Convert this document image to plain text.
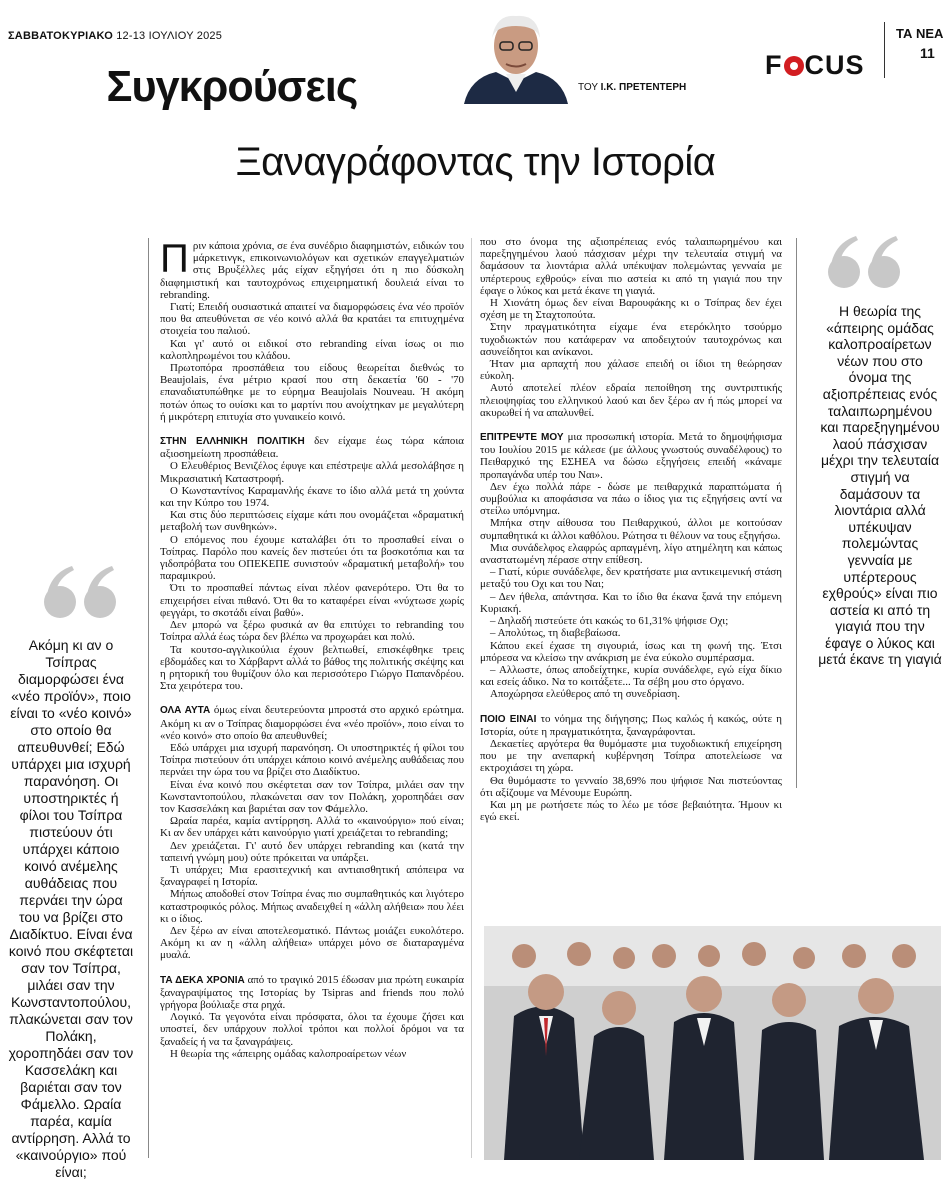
ΣΑΒΒΑΤΟΚΥΡΙΑΚΟ 12-13 ΙΟΥΛΙΟΥ 2025
Συγκρούσεις	ΤΟΥ Ι.Κ. ΠΡΕΤΕΝΤΕΡΗ
F CUS
ΤΑ ΝΕΑ
11
Ξαναγράφοντας την Ιστορία
Ακόμη κι αν ο Τσίπρας διαμορφώσει ένα «νέο προϊόν», ποιο είναι το «νέο κοινό» στο οποίο θα απευθυνθεί; Εδώ υπάρχει μια ισχυρή παρανόηση. Οι υποστηρικτές ή φίλοι του Τσίπρα πιστεύουν ότι υπάρχει κάποιο κοινό ανέμελης αυθάδειας που περνάει την ώρα του να βρίζει στο Διαδίκτυο. Είναι ένα κοινό που σκέφτεται σαν τον Τσίπρα, μιλάει σαν την Κωνσταντοπούλου, πλακώνεται σαν τον Πολάκη, χοροπηδάει σαν τον Κασσελάκη και βαριέται σαν τον Φάμελλο. Ωραία παρέα, καμία αντίρρηση. Αλλά το «καινούργιο» πού είναι;
Η θεωρία της «άπειρης ομάδας καλοπροαίρετων νέων που στο όνομα της αξιοπρέπειας ενός ταλαιπωρημένου και παρεξηγημένου λαού πάσχισαν μέχρι την τελευταία στιγμή να δαμάσουν τα λιοντάρια αλλά υπέκυψαν πολεμώντας γενναία με υπέρτερους εχθρούς» είναι πιο αστεία κι από τη γιαγιά που την έφαγε ο λύκος και μετά έκανε τη γιαγιά

Πριν κάποια χρόνια, σε ένα συνέδριο διαφημιστών, ειδικών του μάρκετινγκ, επικοινωνιολόγων και σχετικών επαγγελματιών στις Βρυξέλλες μάς είχαν εξηγήσει ότι η πιο δύσκολη διαφημιστική και ταυτοχρόνως επιχειρηματική δουλειά είναι το rebranding.

Γιατί; Επειδή ουσιαστικά απαιτεί να διαμορφώσεις ένα νέο προϊόν που θα απευθύνεται σε νέο κοινό αλλά θα κρατάει τα επιτυχημένα στοιχεία του παλιού.

Και γι' αυτό οι ειδικοί στο rebranding είναι ίσως οι πιο καλοπληρωμένοι του κλάδου.

Πρωτοπόρα προσπάθεια του είδους θεωρείται διεθνώς το Beaujolais, ένα μέτριο κρασί που στη δεκαετία '60 - '70 επαναδιατυπώθηκε με το εύρημα Beaujolais Nouveau. Ή ακόμη ποτών όπως το ουίσκι και το μαρτίνι που ανοίχτηκαν με μεγαλύτερη ή μικρότερη επιτυχία στο γυναικείο κοινό.

ΣΤΗΝ ΕΛΛΗΝΙΚΗ ΠΟΛΙΤΙΚΗ δεν είχαμε έως τώρα κάποια αξιοσημείωτη προσπάθεια.

Ο Ελευθέριος Βενιζέλος έφυγε και επέστρεψε αλλά μεσολάβησε η Μικρασιατική Καταστροφή.

Ο Κωνσταντίνος Καραμανλής έκανε το ίδιο αλλά μετά τη χούντα και την Κύπρο του 1974.

Και στις δύο περιπτώσεις είχαμε κάτι που ονομάζεται «δραματική μεταβολή των συνθηκών».

Ο επόμενος που έχουμε καταλάβει ότι το προσπαθεί είναι ο Τσίπρας. Παρόλο που κανείς δεν πιστεύει ότι τα βοσκοτόπια και τα γιδοπρόβατα του ΟΠΕΚΕΠΕ συνιστούν «δραματική μεταβολή» του παραμικρού.

Ότι το προσπαθεί πάντως είναι πλέον φανερότερο. Ότι θα το επιχειρήσει είναι πιθανό. Ότι θα το καταφέρει είναι «νύχτωσε χωρίς φεγγάρι, το σκοτάδι είναι βαθύ».

Δεν μπορώ να ξέρω φυσικά αν θα επιτύχει το rebranding του Τσίπρα αλλά έως τώρα δεν βλέπω να προχωράει και πολύ.

Τα κουτσο-αγγλικούλια έχουν βελτιωθεί, επισκέφθηκε τρεις εβδομάδες και το Χάρβαρντ αλλά το βάθος της πολιτικής σκέψης και η ρητορική του θυμίζουν όλο και περισσότερο Γιώργο Παπανδρέου. Στα χειρότερα του.

ΟΛΑ ΑΥΤΑ όμως είναι δευτερεύοντα μπροστά στο αρχικό ερώτημα. Ακόμη κι αν ο Τσίπρας διαμορφώσει ένα «νέο προϊόν», ποιο είναι το «νέο κοινό» στο οποίο θα απευθυνθεί;

Εδώ υπάρχει μια ισχυρή παρανόηση. Οι υποστηρικτές ή φίλοι του Τσίπρα πιστεύουν ότι υπάρχει κάποιο κοινό ανέμελης αυθάδειας που περνάει την ώρα του να βρίζει στο Διαδίκτυο.

Είναι ένα κοινό που σκέφτεται σαν τον Τσίπρα, μιλάει σαν την Κωνσταντοπούλου, πλακώνεται σαν τον Πολάκη, χοροπηδάει σαν τον Κασσελάκη και βαριέται σαν τον Φάμελλο.

Ωραία παρέα, καμία αντίρρηση. Αλλά το «καινούργιο» πού είναι; Κι αν δεν υπάρχει κάτι καινούργιο γιατί χρειάζεται το rebranding;

Δεν χρειάζεται. Γι' αυτό δεν υπάρχει rebranding και (κατά την ταπεινή γνώμη μου) ούτε πρόκειται να υπάρξει.

Τι υπάρχει; Μια ερασιτεχνική και αντιαισθητική απόπειρα να ξαναγραφεί η Ιστορία.

Μήπως αποδοθεί στον Τσίπρα ένας πιο συμπαθητικός και λιγότερο καταστροφικός ρόλος. Μήπως αναδειχθεί η «άλλη αλήθεια» που λέει κι ο ίδιος.

Δεν ξέρω αν είναι αποτελεσματικό. Πάντως μοιάζει ευκολότερο. Ακόμη κι αν η «άλλη αλήθεια» υπάρχει μόνο σε διαταραγμένα μυαλά.

ΤΑ ΔΕΚΑ ΧΡΟΝΙΑ από το τραγικό 2015 έδωσαν μια πρώτη ευκαιρία ξαναγραψίματος της Ιστορίας by Tsipras and friends που πολύ γρήγορα βούλιαξε στα ρηχά.

Λογικό. Τα γεγονότα είναι πρόσφατα, όλοι τα έχουμε ζήσει και υποστεί, δεν υπάρχουν πολλοί τρόποι και πολλοί δρόμοι να τα ξαναδείς ή να τα ξαναγράψεις.

Η θεωρία της «άπειρης ομάδας καλοπροαίρετων νέων

που στο όνομα της αξιοπρέπειας ενός ταλαιπωρημένου και παρεξηγημένου λαού πάσχισαν μέχρι την τελευταία στιγμή να δαμάσουν τα λιοντάρια αλλά υπέκυψαν πολεμώντας γενναία με υπέρτερους εχθρούς» είναι πιο αστεία κι από τη γιαγιά που την έφαγε ο λύκος και μετά έκανε τη γιαγιά.

Η Χιονάτη όμως δεν είναι Βαρουφάκης κι ο Τσίπρας δεν έχει σχέση με τη Σταχτοπούτα.

Στην πραγματικότητα είχαμε ένα ετερόκλητο τσούρμο τυχοδιωκτών που κατάφεραν να αποδειχτούν ταυτοχρόνως και ασυνείδητοι και ανίκανοι.

Ήταν μια αρπαχτή που χάλασε επειδή οι ίδιοι τη θεώρησαν εύκολη.

Αυτό αποτελεί πλέον εδραία πεποίθηση της συντριπτικής πλειοψηφίας του ελληνικού λαού και δεν ξέρω αν ή πώς μπορεί να ακυρωθεί ή να απαλυνθεί.

ΕΠΙΤΡΕΨΤΕ ΜΟΥ μια προσωπική ιστορία. Μετά το δημοψήφισμα του Ιουλίου 2015 με κάλεσε (με άλλους γνωστούς συναδέλφους) το Πειθαρχικό της ΕΣΗΕΑ να δώσω εξηγήσεις επειδή «κάναμε προπαγάνδα υπέρ του Ναι».

Δεν έχω πολλά πάρε - δώσε με πειθαρχικά παραπτώματα ή συμβούλια κι αποφάσισα να πάω ο ίδιος για τις εξηγήσεις αντί να στείλω υπόμνημα.

Μπήκα στην αίθουσα του Πειθαρχικού, άλλοι με κοιτούσαν συμπαθητικά κι άλλοι καθόλου. Ρώτησα τι θέλουν να τους εξηγήσω.

Μια συνάδελφος ελαφρώς αρπαγμένη, λίγο ατημέλητη και κάπως αναστατωμένη πέρασε στην επίθεση.

– Γιατί, κύριε συνάδελφε, δεν κρατήσατε μια αντικειμενική στάση μεταξύ του Οχι και του Ναι;

– Δεν ήθελα, απάντησα. Και το ίδιο θα έκανα ξανά την επόμενη Κυριακή.

– Δηλαδή πιστεύετε ότι κακώς το 61,31% ψήφισε Οχι;

– Απολύτως, τη διαβεβαίωσα.

Κάπου εκεί έχασε τη σιγουριά, ίσως και τη φωνή της. Έτσι μπόρεσα να κλείσω την ανάκριση με ένα εύκολο συμπέρασμα.

– Αλλωστε, όπως αποδείχτηκε, κυρία συνάδελφε, εγώ είχα δίκιο και εσείς άδικο. Να το κοιτάξετε... Τα σέβη μου στο όργανο.

Αποχώρησα ελεύθερος από τη συνεδρίαση.

ΠΟΙΟ ΕΙΝΑΙ το νόημα της διήγησης; Πως καλώς ή κακώς, ούτε η Ιστορία, ούτε η πραγματικότητα, ξαναγράφονται.

Δεκαετίες αργότερα θα θυμόμαστε μια τυχοδιωκτική επιχείρηση που με την ανεπαρκή κυβέρνηση Τσίπρα αποτελείωσε να εκτροχιάσει τη χώρα.

Θα θυμόμαστε το γενναίο 38,69% που ψήφισε Ναι πιστεύοντας ότι αξίζουμε να Μένουμε Ευρώπη.

Και μη με ρωτήσετε πώς το λέω με τόσε βεβαιότητα. Ήμουν κι εγώ εκεί.
